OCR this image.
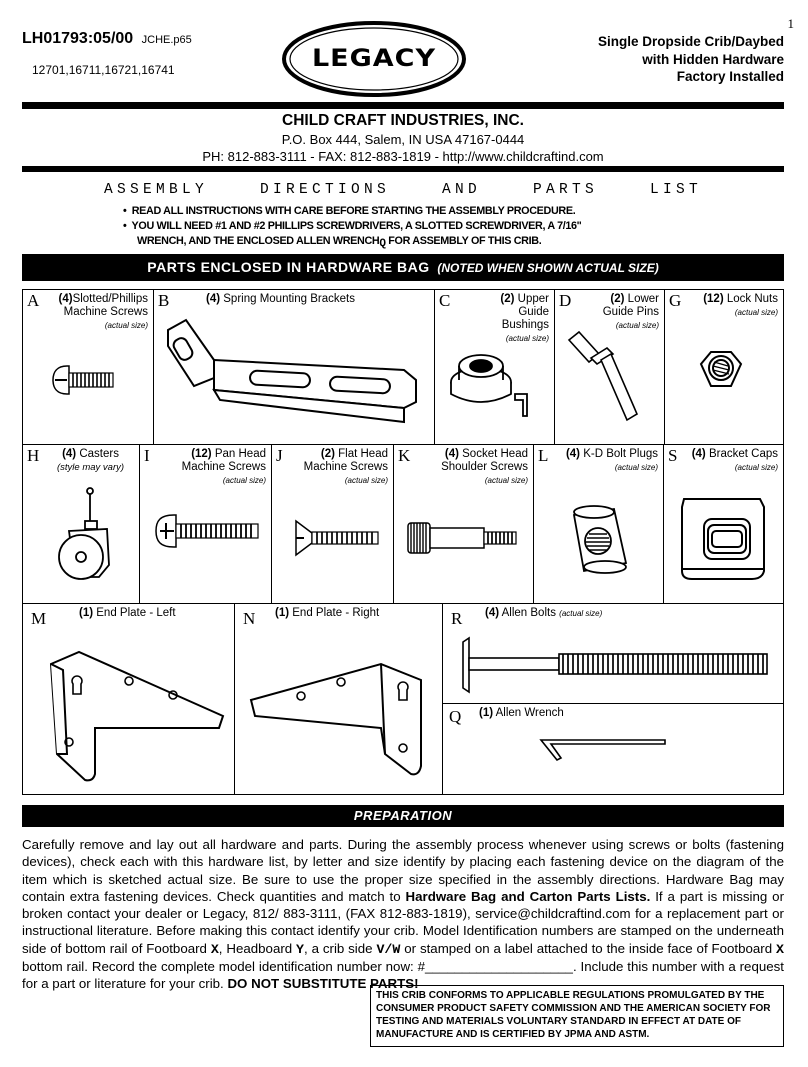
1
LH01793:05/00 JCHE.p65
12701,16711,16721,16741	LEGACY
Single Dropside Crib/Daybed
with Hidden Hardware
Factory Installed
CHILD CRAFT INDUSTRIES, INC.
P.O. Box 444, Salem, IN USA 47167-0444
PH: 812-883-3111 - FAX: 812-883-1819 - http://www.childcraftind.com
ASSEMBLY    DIRECTIONS    AND    PARTS    LIST
•  READ ALL INSTRUCTIONS WITH CARE BEFORE STARTING THE ASSEMBLY PROCEDURE.
•  YOU WILL NEED #1 AND #2 PHILLIPS SCREWDRIVERS, A SLOTTED SCREWDRIVER, A 7/16"
WRENCH, AND THE ENCLOSED ALLEN WRENCHQ FOR ASSEMBLY OF THIS CRIB.
PARTS ENCLOSED IN HARDWARE BAG (NOTED WHEN SHOWN ACTUAL SIZE)
A (4)Slotted/Phillips
Machine Screws
(actual size)
B	(4) Spring Mounting Brackets	C	(2) Upper
Guide
Bushings
(actual size)
D	(2) Lower
Guide Pins
(actual size)
G (12) Lock Nuts
(actual size)
H	(4) Casters
(style may vary)
I	(12) Pan Head
Machine Screws
(actual size)
J	(2) Flat Head
Machine Screws
(actual size)
K	(4) Socket Head
Shoulder Screws
(actual size)
L (4) K-D Bolt Plugs
(actual size)
S (4) Bracket Caps
(actual size)
M	(1) End Plate - Left	N (1) End Plate - Right	R (4) Allen Bolts (actual size)
Q (1) Allen Wrench
PREPARATION
Carefully remove and lay out all hardware and parts. During the assembly process whenever using screws or bolts (fastening devices), check each with this hardware list, by letter and size identify by placing each fastening device on the diagram of the item which is sketched actual size. Be sure to use the proper size specified in the assembly directions. Hardware Bag may contain extra fastening devices. Check quantities and match to Hardware Bag and Carton Parts Lists. If a part is missing or broken contact your dealer or Legacy, 812/ 883-3111, (FAX 812-883-1819), service@childcraftind.com for a replacement part or instructional literature. Before making this contact identify your crib. Model Identification numbers are stamped on the underneath side of bottom rail of Footboard X, Headboard Y, a crib side V/W or stamped on a label attached to the inside face of Footboard X bottom rail. Record the complete model identification number now: #____________________. Include this number with a request for a part or literature for your crib. DO NOT SUBSTITUTE PARTS!
THIS CRIB CONFORMS TO APPLICABLE REGULATIONS PROMULGATED BY THE CONSUMER PRODUCT SAFETY COMMISSION AND THE AMERICAN SOCIETY FOR TESTING AND MATERIALS VOLUNTARY STANDARD IN EFFECT AT DATE OF MANUFACTURE AND IS CERTIFIED BY JPMA AND ASTM.
